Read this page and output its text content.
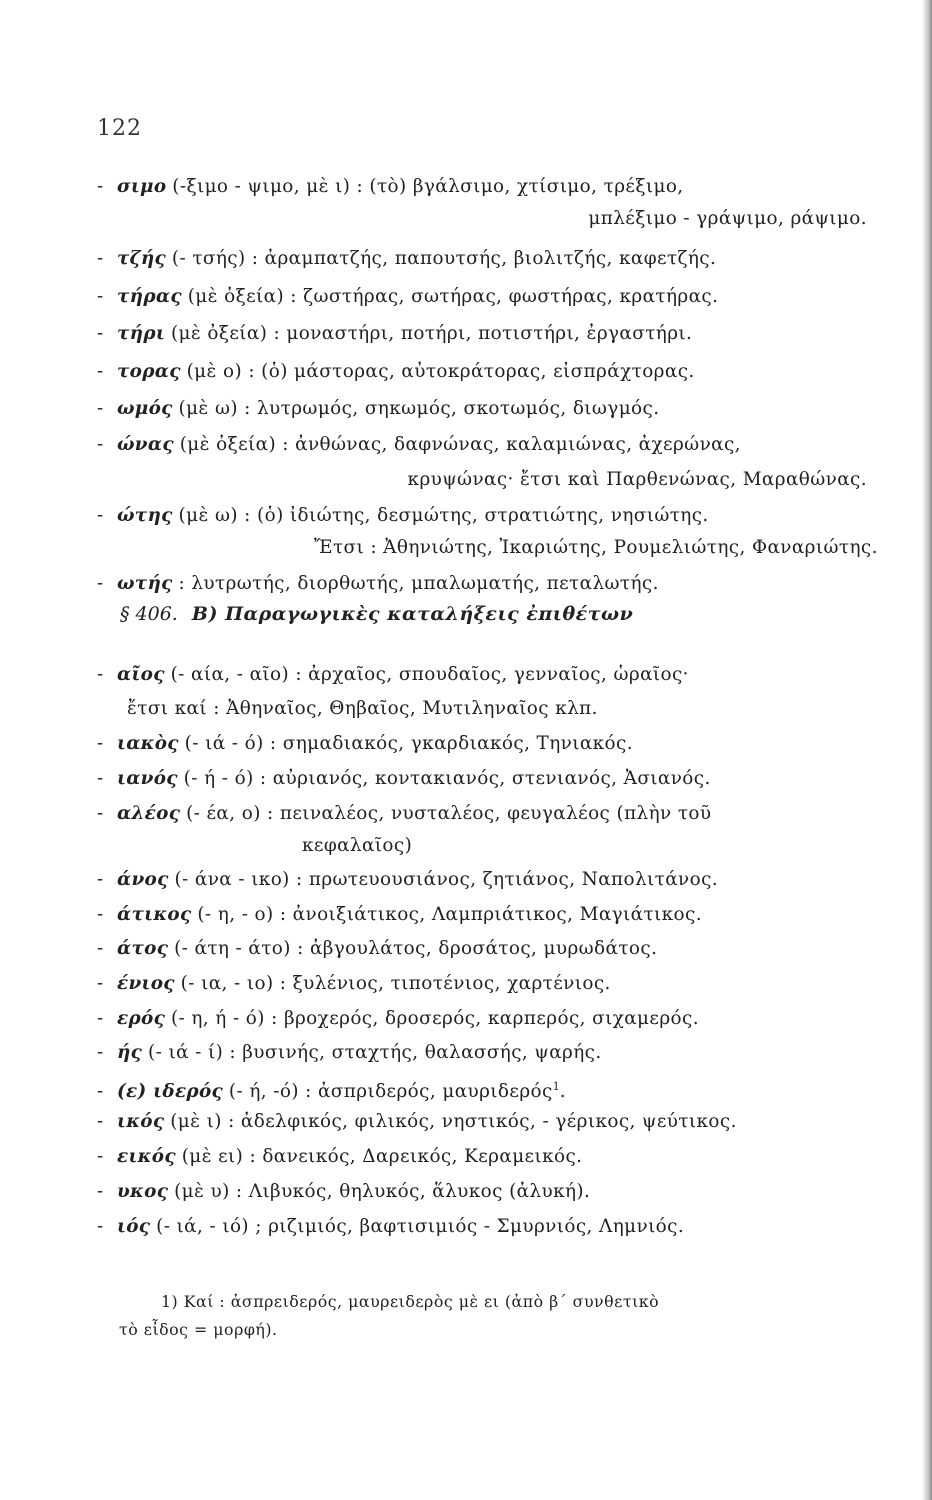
122
- σιμο (-ξιμο - ψιμο, μὲ ι) : (τὸ) βγάλσιμο, χτίσιμο, τρέξιμο,
μπλέξιμο - γράψιμο, ράψιμο.
- τζής (- τσής) : ἀραμπατζής, παπουτσής, βιολιτζής, καφετζής.
- τήρας (μὲ ὀξεία) : ζωστήρας, σωτήρας, φωστήρας, κρατήρας.
- τήρι (μὲ ὀξεία) : μοναστήρι, ποτήρι, ποτιστήρι, ἐργαστήρι.
- τορας (μὲ ο) : (ὁ) μάστορας, αὐτοκράτορας, εἰσπράχτορας.
- ωμός (μὲ ω) : λυτρωμός, σηκωμός, σκοτωμός, διωγμός.
- ώνας (μὲ ὀξεία) : ἀνθώνας, δαφνώνας, καλαμιώνας, ἀχερώνας,
κρυψώνας· ἔτσι καὶ Παρθενώνας, Μαραθώνας.
- ώτης (μὲ ω) : (ὁ) ἰδιώτης, δεσμώτης, στρατιώτης, νησιώτης.
Ἔτσι : Ἀθηνιώτης, Ἰκαριώτης, Ρουμελιώτης, Φαναριώτης.
- ωτής : λυτρωτής, διορθωτής, μπαλωματής, πεταλωτής.
§ 406. Β) Παραγωγικὲς καταλήξεις ἐπιθέτων
- αῖος (- αία, - αῖο) : ἀρχαῖος, σπουδαῖος, γενναῖος, ὡραῖος·
ἔτσι καί : Ἀθηναῖος, Θηβαῖος, Μυτιληναῖος κλπ.
- ιακὸς (- ιά - ό) : σημαδιακός, γκαρδιακός, Τηνιακός.
- ιανός (- ή - ό) : αὐριανός, κοντακιανός, στενιανός, Ἀσιανός.
- αλέος (- έα, ο) : πειναλέος, νυσταλέος, φευγαλέος (πλὴν τοῦ
κεφαλαῖος)
- άνος (- άνα - ικο) : πρωτευουσιάνος, ζητιάνος, Ναπολιτάνος.
- άτικος (- η, - ο) : ἀνοιξιάτικος, Λαμπριάτικος, Μαγιάτικος.
- άτος (- άτη - άτο) : ἀβγουλάτος, δροσάτος, μυρωδάτος.
- ένιος (- ια, - ιο) : ξυλένιος, τιποτένιος, χαρτένιος.
- ερός (- η, ή - ό) : βροχερός, δροσερός, καρπερός, σιχαμερός.
- ής (- ιά - ί) : βυσινής, σταχτής, θαλασσής, ψαρής.
- (ε) ιδερός (- ή, -ό) : ἀσπριδερός, μαυριδερός$^1$.
- ικός (μὲ ι) : ἀδελφικός, φιλικός, νηστικός, - γέρικος, ψεύτικος.
- εικός (μὲ ει) : δανεικός, Δαρεικός, Κεραμεικός.
- υκος (μὲ υ) : Λιβυκός, θηλυκός, ἅλυκος (ἁλυκή).
- ιός (- ιά, - ιό) ; ριζιμιός, βαφτισιμιός - Σμυρνιός, Λημνιός.
1) Καί : ἀσπρειδερός, μαυρειδερὸς μὲ ει (ἀπὸ β΄ συνθετικὸ
τὸ εἶδος = μορφή).
